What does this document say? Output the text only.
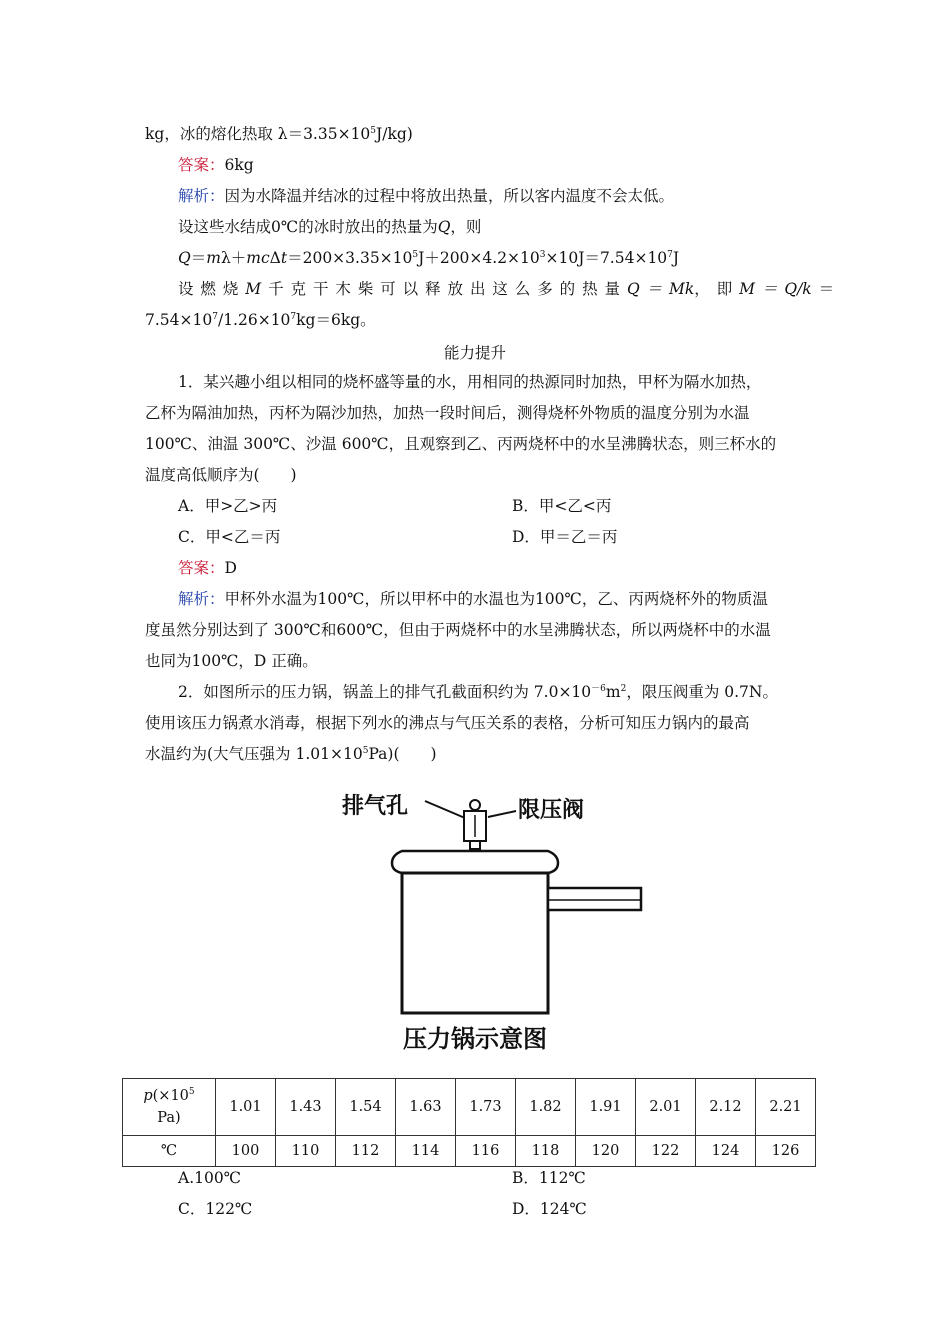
kg，冰的熔化热取 $\lambda=3.35\times 10^5J/kg$)
答案：6kg
解析：因为水降温并结冰的过程中将放出热量，所以客内温度不会太低。
设这些水结成0℃的冰时放出的热量为Q，则
$Q=m\lambda+mc\Delta t=200\times 3.35\times 10^5J+200\times 4.2\times 10^3\times 10J=7.54\times 10^7J$
设 燃 烧 M 千 克 干 木 柴 可 以 释 放 出 这 么 多 的 热 量 Q ＝ Mk， 即 M ＝ Q/k ＝
$7.54\times 10^7/1.26\times 10^7kg=6kg$。
能力提升
1．某兴趣小组以相同的烧杯盛等量的水，用相同的热源同时加热，甲杯为隔水加热，
乙杯为隔油加热，丙杯为隔沙加热，加热一段时间后，测得烧杯外物质的温度分别为水温
100℃、油温 300℃、沙温 600℃，且观察到乙、丙两烧杯中的水呈沸腾状态，则三杯水的
温度高低顺序为(　　)
A．甲>乙>丙	B．甲<乙<丙
C．甲<乙＝丙	D．甲＝乙＝丙
答案：D
解析：甲杯外水温为100℃，所以甲杯中的水温也为100℃，乙、丙两烧杯外的物质温
度虽然分别达到了 300℃和600℃，但由于两烧杯中的水呈沸腾状态，所以两烧杯中的水温
也同为100℃，D 正确。
2．如图所示的压力锅，锅盖上的排气孔截面积约为 $7.0\times 10^{-6}m^2$，限压阀重为 0.7N。
使用该压力锅煮水消毒，根据下列水的沸点与气压关系的表格，分析可知压力锅内的最高
水温约为(大气压强为 $1.01\times 10^5Pa$)(　　)
排气孔	限压阀
压力锅示意图
$p(\times 10^5$
Pa)	1.01	1.43	1.54	1.63	1.73	1.82	1.91	2.01	2.12	2.21
℃	100	110	112	114	116	118	120	122	124	126
A.100℃	B．112℃
C．122℃	D．124℃
